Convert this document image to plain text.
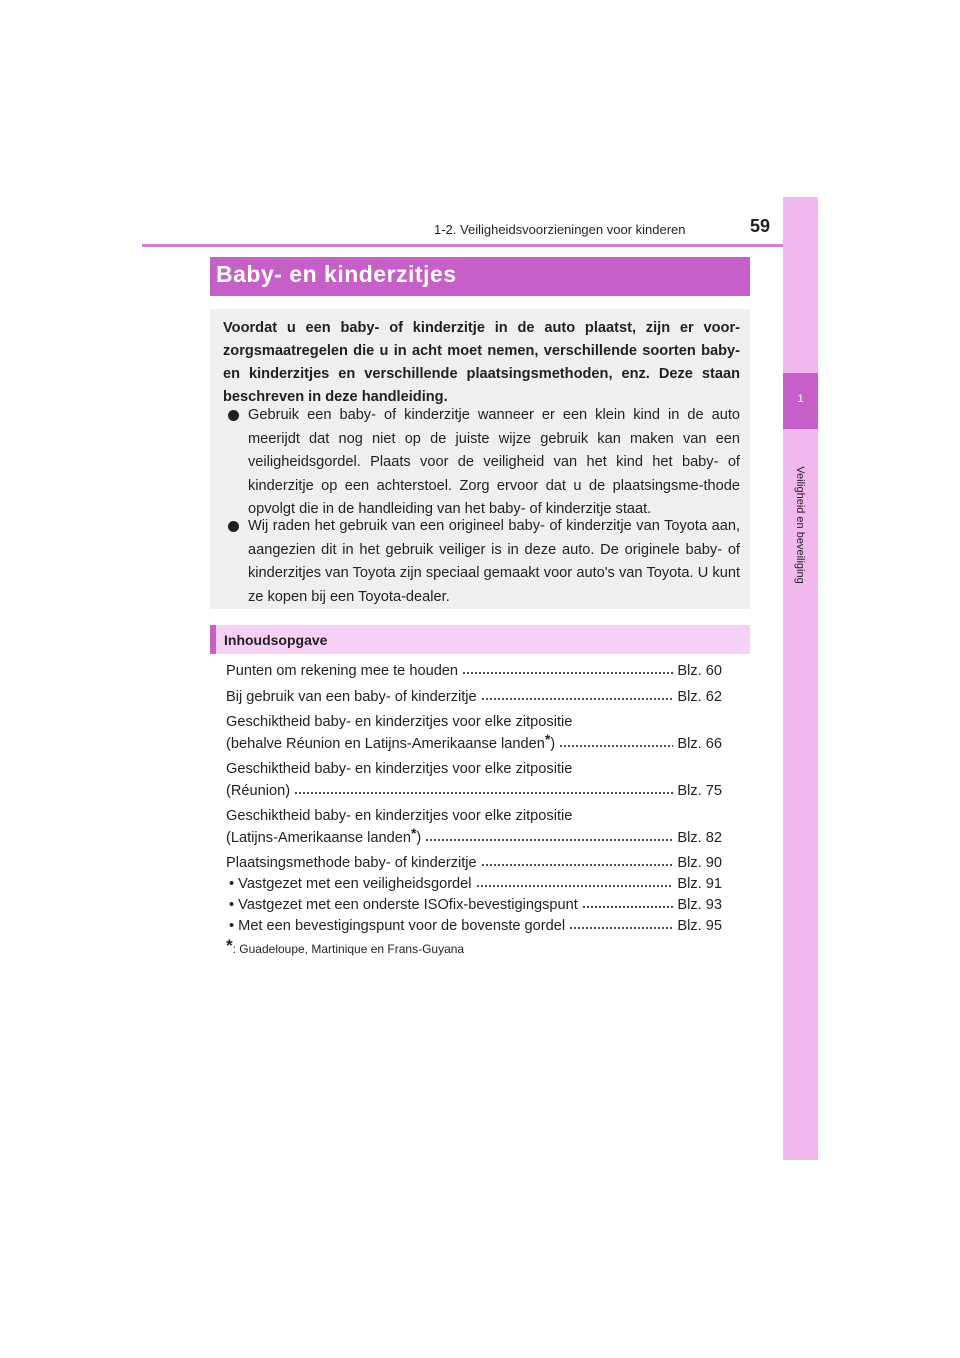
1-2. Veiligheidsvoorzieningen voor kinderen	59
1
Veiligheid en beveiliging
Baby- en kinderzitjes
Voordat u een baby- of kinderzitje in de auto plaatst, zijn er voor-zorgsmaatregelen die u in acht moet nemen, verschillende soorten baby- en kinderzitjes en verschillende plaatsingsmethoden, enz. Deze staan beschreven in deze handleiding.
Gebruik een baby- of kinderzitje wanneer er een klein kind in de auto meerijdt dat nog niet op de juiste wijze gebruik kan maken van een veiligheidsgordel. Plaats voor de veiligheid van het kind het baby- of kinderzitje op een achterstoel. Zorg ervoor dat u de plaatsingsme-thode opvolgt die in de handleiding van het baby- of kinderzitje staat.
Wij raden het gebruik van een origineel baby- of kinderzitje van Toyota aan, aangezien dit in het gebruik veiliger is in deze auto. De originele baby- of kinderzitjes van Toyota zijn speciaal gemaakt voor auto's van Toyota. U kunt ze kopen bij een Toyota-dealer.
Inhoudsopgave
Punten om rekening mee te houden	Blz. 60
Bij gebruik van een baby- of kinderzitje	Blz. 62
Geschiktheid baby- en kinderzitjes voor elke zitpositie
(behalve Réunion en Latijns-Amerikaanse landen*)	Blz. 66
Geschiktheid baby- en kinderzitjes voor elke zitpositie
(Réunion)	Blz. 75
Geschiktheid baby- en kinderzitjes voor elke zitpositie
(Latijns-Amerikaanse landen*)	Blz. 82
Plaatsingsmethode baby- of kinderzitje	Blz. 90
• Vastgezet met een veiligheidsgordel	Blz. 91
• Vastgezet met een onderste ISOfix-bevestigingspunt	Blz. 93
• Met een bevestigingspunt voor de bovenste gordel	Blz. 95
*: Guadeloupe, Martinique en Frans-Guyana
